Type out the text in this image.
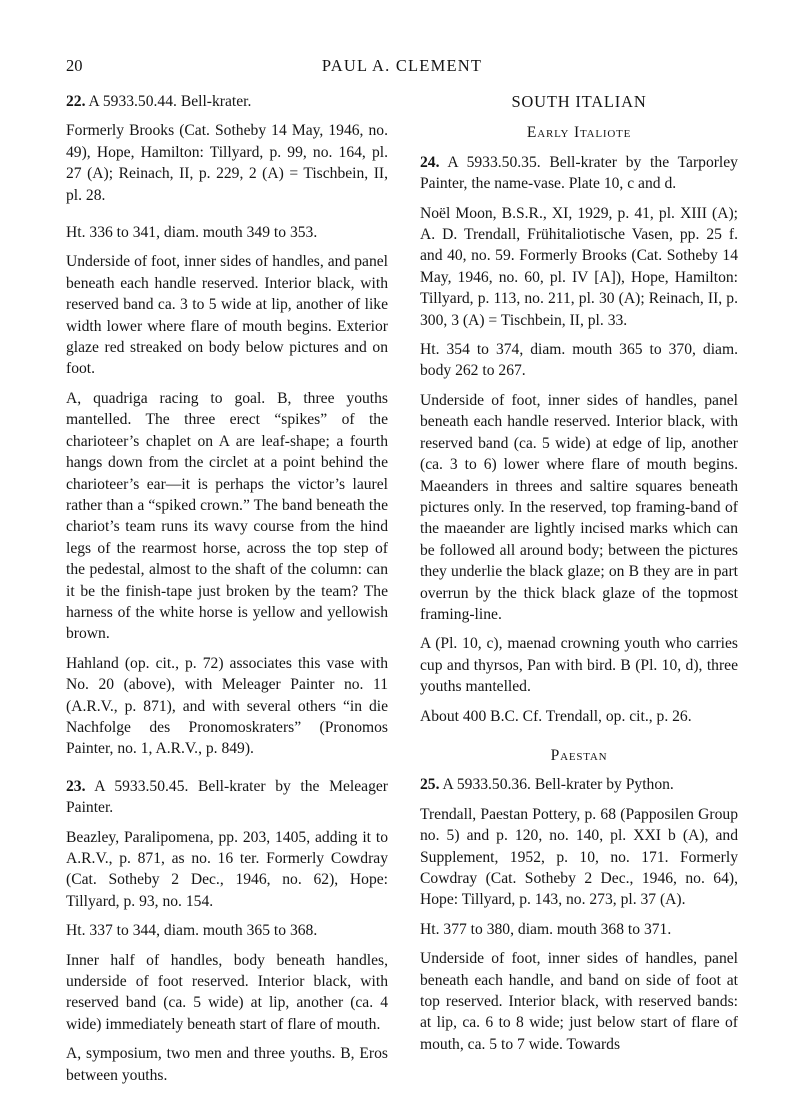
20	PAUL A. CLEMENT

22. A 5933.50.44. Bell-krater.

Formerly Brooks (Cat. Sotheby 14 May, 1946, no. 49), Hope, Hamilton: Tillyard, p. 99, no. 164, pl. 27 (A); Reinach, II, p. 229, 2 (A) = Tischbein, II, pl. 28.

Ht. 336 to 341, diam. mouth 349 to 353.

Underside of foot, inner sides of handles, and panel beneath each handle reserved. Interior black, with reserved band ca. 3 to 5 wide at lip, another of like width lower where flare of mouth begins. Exterior glaze red streaked on body below pictures and on foot.

A, quadriga racing to goal. B, three youths mantelled. The three erect “spikes” of the charioteer’s chaplet on A are leaf-shape; a fourth hangs down from the circlet at a point behind the charioteer’s ear—it is perhaps the victor’s laurel rather than a “spiked crown.” The band beneath the chariot’s team runs its wavy course from the hind legs of the rearmost horse, across the top step of the pedestal, almost to the shaft of the column: can it be the finish-tape just broken by the team? The harness of the white horse is yellow and yellowish brown.

Hahland (op. cit., p. 72) associates this vase with No. 20 (above), with Meleager Painter no. 11 (A.R.V., p. 871), and with several others “in die Nachfolge des Pronomoskraters” (Pronomos Painter, no. 1, A.R.V., p. 849).

23. A 5933.50.45. Bell-krater by the Meleager Painter.

Beazley, Paralipomena, pp. 203, 1405, adding it to A.R.V., p. 871, as no. 16 ter. Formerly Cowdray (Cat. Sotheby 2 Dec., 1946, no. 62), Hope: Tillyard, p. 93, no. 154.

Ht. 337 to 344, diam. mouth 365 to 368.

Inner half of handles, body beneath handles, underside of foot reserved. Interior black, with reserved band (ca. 5 wide) at lip, another (ca. 4 wide) immediately beneath start of flare of mouth.

A, symposium, two men and three youths. B, Eros between youths.

SOUTH ITALIAN
Early Italiote

24. A 5933.50.35. Bell-krater by the Tarporley Painter, the name-vase. Plate 10, c and d.

Noël Moon, B.S.R., XI, 1929, p. 41, pl. XIII (A); A. D. Trendall, Frühitaliotische Vasen, pp. 25 f. and 40, no. 59. Formerly Brooks (Cat. Sotheby 14 May, 1946, no. 60, pl. IV [A]), Hope, Hamilton: Tillyard, p. 113, no. 211, pl. 30 (A); Reinach, II, p. 300, 3 (A) = Tischbein, II, pl. 33.

Ht. 354 to 374, diam. mouth 365 to 370, diam. body 262 to 267.

Underside of foot, inner sides of handles, panel beneath each handle reserved. Interior black, with reserved band (ca. 5 wide) at edge of lip, another (ca. 3 to 6) lower where flare of mouth begins. Maeanders in threes and saltire squares beneath pictures only. In the reserved, top framing-band of the maeander are lightly incised marks which can be followed all around body; between the pictures they underlie the black glaze; on B they are in part overrun by the thick black glaze of the topmost framing-line.

A (Pl. 10, c), maenad crowning youth who carries cup and thyrsos, Pan with bird. B (Pl. 10, d), three youths mantelled.

About 400 B.C. Cf. Trendall, op. cit., p. 26.

Paestan

25. A 5933.50.36. Bell-krater by Python.

Trendall, Paestan Pottery, p. 68 (Papposilen Group no. 5) and p. 120, no. 140, pl. XXI b (A), and Supplement, 1952, p. 10, no. 171. Formerly Cowdray (Cat. Sotheby 2 Dec., 1946, no. 64), Hope: Tillyard, p. 143, no. 273, pl. 37 (A).

Ht. 377 to 380, diam. mouth 368 to 371.

Underside of foot, inner sides of handles, panel beneath each handle, and band on side of foot at top reserved. Interior black, with reserved bands: at lip, ca. 6 to 8 wide; just below start of flare of mouth, ca. 5 to 7 wide. Towards
